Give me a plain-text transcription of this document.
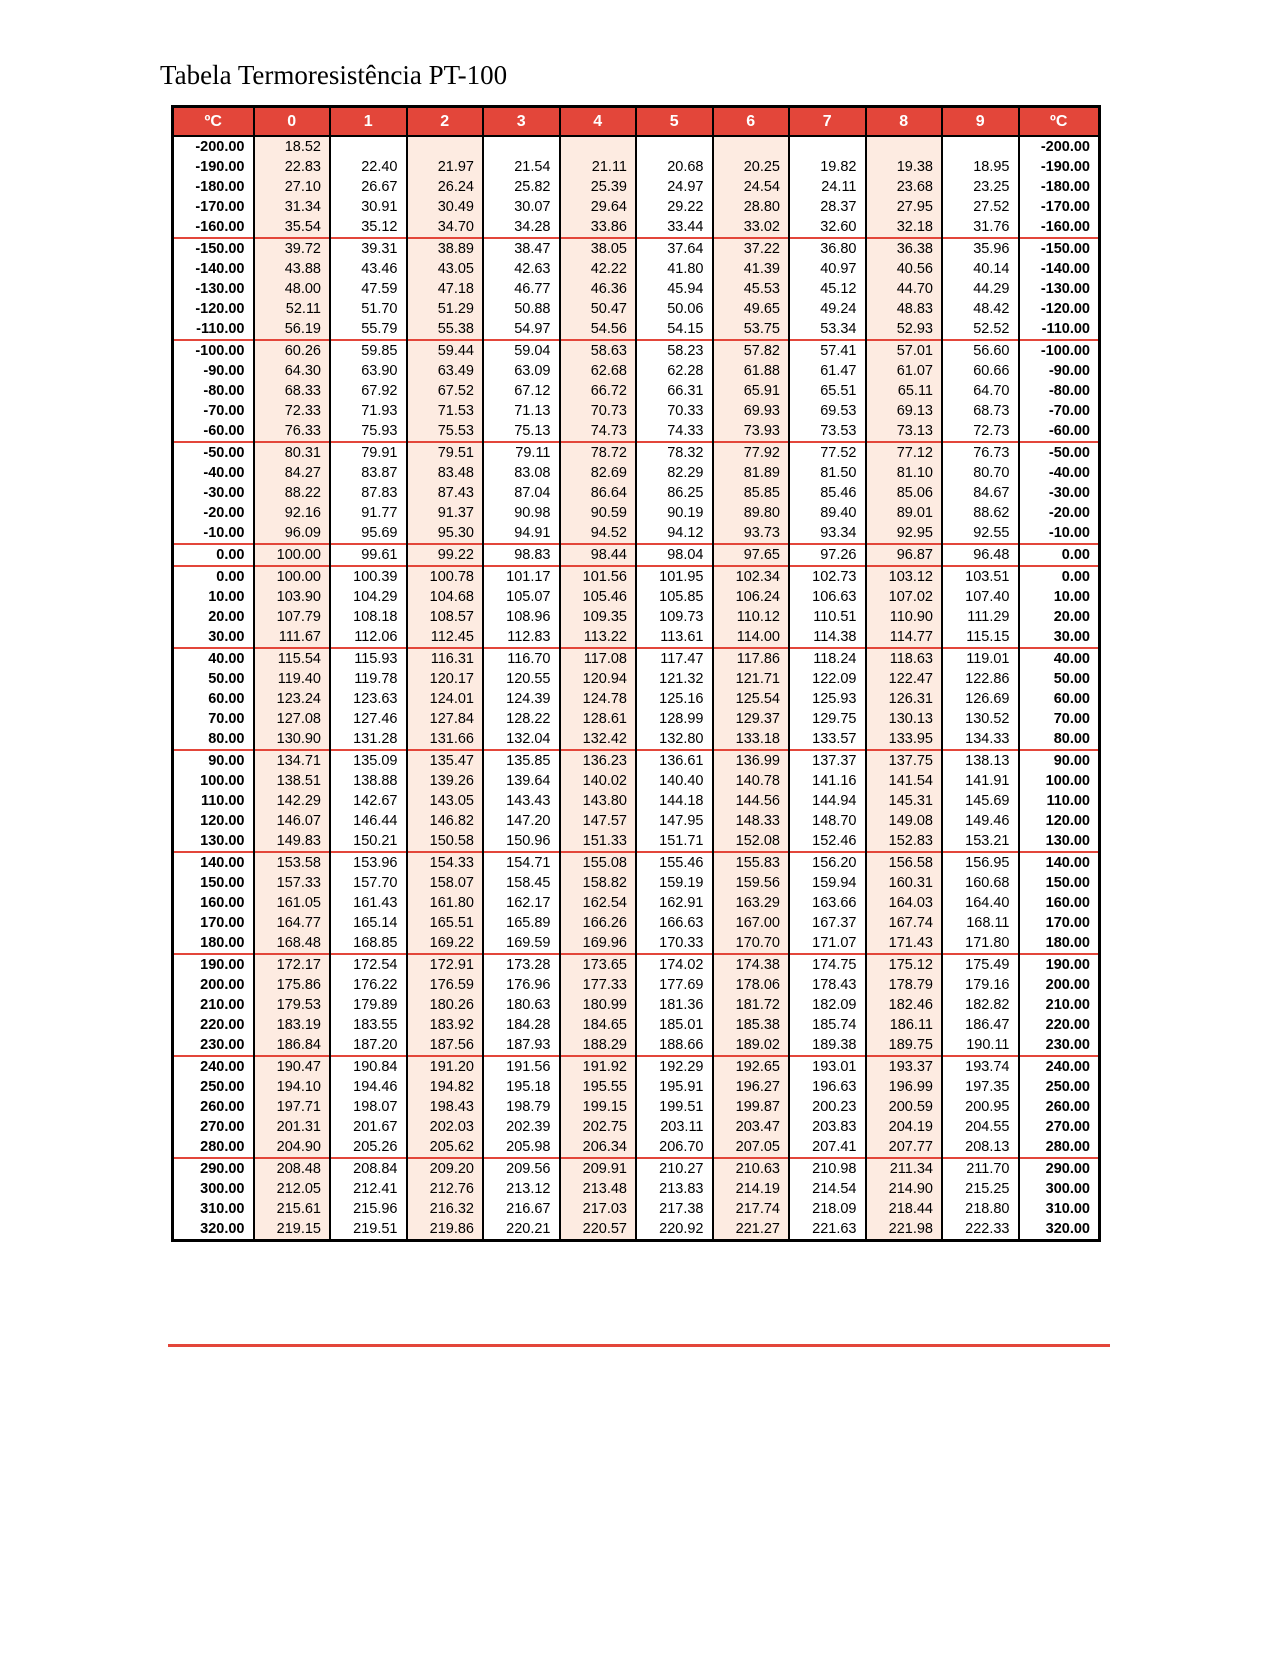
Tabela Termoresistência PT-100
ºC	0	1	2	3	4	5	6	7	8	9	ºC
-200.00	18.52										-200.00
-190.00	22.83	22.40	21.97	21.54	21.11	20.68	20.25	19.82	19.38	18.95	-190.00
-180.00	27.10	26.67	26.24	25.82	25.39	24.97	24.54	24.11	23.68	23.25	-180.00
-170.00	31.34	30.91	30.49	30.07	29.64	29.22	28.80	28.37	27.95	27.52	-170.00
-160.00	35.54	35.12	34.70	34.28	33.86	33.44	33.02	32.60	32.18	31.76	-160.00
-150.00	39.72	39.31	38.89	38.47	38.05	37.64	37.22	36.80	36.38	35.96	-150.00
-140.00	43.88	43.46	43.05	42.63	42.22	41.80	41.39	40.97	40.56	40.14	-140.00
-130.00	48.00	47.59	47.18	46.77	46.36	45.94	45.53	45.12	44.70	44.29	-130.00
-120.00	52.11	51.70	51.29	50.88	50.47	50.06	49.65	49.24	48.83	48.42	-120.00
-110.00	56.19	55.79	55.38	54.97	54.56	54.15	53.75	53.34	52.93	52.52	-110.00
-100.00	60.26	59.85	59.44	59.04	58.63	58.23	57.82	57.41	57.01	56.60	-100.00
-90.00	64.30	63.90	63.49	63.09	62.68	62.28	61.88	61.47	61.07	60.66	-90.00
-80.00	68.33	67.92	67.52	67.12	66.72	66.31	65.91	65.51	65.11	64.70	-80.00
-70.00	72.33	71.93	71.53	71.13	70.73	70.33	69.93	69.53	69.13	68.73	-70.00
-60.00	76.33	75.93	75.53	75.13	74.73	74.33	73.93	73.53	73.13	72.73	-60.00
-50.00	80.31	79.91	79.51	79.11	78.72	78.32	77.92	77.52	77.12	76.73	-50.00
-40.00	84.27	83.87	83.48	83.08	82.69	82.29	81.89	81.50	81.10	80.70	-40.00
-30.00	88.22	87.83	87.43	87.04	86.64	86.25	85.85	85.46	85.06	84.67	-30.00
-20.00	92.16	91.77	91.37	90.98	90.59	90.19	89.80	89.40	89.01	88.62	-20.00
-10.00	96.09	95.69	95.30	94.91	94.52	94.12	93.73	93.34	92.95	92.55	-10.00
0.00	100.00	99.61	99.22	98.83	98.44	98.04	97.65	97.26	96.87	96.48	0.00
0.00	100.00	100.39	100.78	101.17	101.56	101.95	102.34	102.73	103.12	103.51	0.00
10.00	103.90	104.29	104.68	105.07	105.46	105.85	106.24	106.63	107.02	107.40	10.00
20.00	107.79	108.18	108.57	108.96	109.35	109.73	110.12	110.51	110.90	111.29	20.00
30.00	111.67	112.06	112.45	112.83	113.22	113.61	114.00	114.38	114.77	115.15	30.00
40.00	115.54	115.93	116.31	116.70	117.08	117.47	117.86	118.24	118.63	119.01	40.00
50.00	119.40	119.78	120.17	120.55	120.94	121.32	121.71	122.09	122.47	122.86	50.00
60.00	123.24	123.63	124.01	124.39	124.78	125.16	125.54	125.93	126.31	126.69	60.00
70.00	127.08	127.46	127.84	128.22	128.61	128.99	129.37	129.75	130.13	130.52	70.00
80.00	130.90	131.28	131.66	132.04	132.42	132.80	133.18	133.57	133.95	134.33	80.00
90.00	134.71	135.09	135.47	135.85	136.23	136.61	136.99	137.37	137.75	138.13	90.00
100.00	138.51	138.88	139.26	139.64	140.02	140.40	140.78	141.16	141.54	141.91	100.00
110.00	142.29	142.67	143.05	143.43	143.80	144.18	144.56	144.94	145.31	145.69	110.00
120.00	146.07	146.44	146.82	147.20	147.57	147.95	148.33	148.70	149.08	149.46	120.00
130.00	149.83	150.21	150.58	150.96	151.33	151.71	152.08	152.46	152.83	153.21	130.00
140.00	153.58	153.96	154.33	154.71	155.08	155.46	155.83	156.20	156.58	156.95	140.00
150.00	157.33	157.70	158.07	158.45	158.82	159.19	159.56	159.94	160.31	160.68	150.00
160.00	161.05	161.43	161.80	162.17	162.54	162.91	163.29	163.66	164.03	164.40	160.00
170.00	164.77	165.14	165.51	165.89	166.26	166.63	167.00	167.37	167.74	168.11	170.00
180.00	168.48	168.85	169.22	169.59	169.96	170.33	170.70	171.07	171.43	171.80	180.00
190.00	172.17	172.54	172.91	173.28	173.65	174.02	174.38	174.75	175.12	175.49	190.00
200.00	175.86	176.22	176.59	176.96	177.33	177.69	178.06	178.43	178.79	179.16	200.00
210.00	179.53	179.89	180.26	180.63	180.99	181.36	181.72	182.09	182.46	182.82	210.00
220.00	183.19	183.55	183.92	184.28	184.65	185.01	185.38	185.74	186.11	186.47	220.00
230.00	186.84	187.20	187.56	187.93	188.29	188.66	189.02	189.38	189.75	190.11	230.00
240.00	190.47	190.84	191.20	191.56	191.92	192.29	192.65	193.01	193.37	193.74	240.00
250.00	194.10	194.46	194.82	195.18	195.55	195.91	196.27	196.63	196.99	197.35	250.00
260.00	197.71	198.07	198.43	198.79	199.15	199.51	199.87	200.23	200.59	200.95	260.00
270.00	201.31	201.67	202.03	202.39	202.75	203.11	203.47	203.83	204.19	204.55	270.00
280.00	204.90	205.26	205.62	205.98	206.34	206.70	207.05	207.41	207.77	208.13	280.00
290.00	208.48	208.84	209.20	209.56	209.91	210.27	210.63	210.98	211.34	211.70	290.00
300.00	212.05	212.41	212.76	213.12	213.48	213.83	214.19	214.54	214.90	215.25	300.00
310.00	215.61	215.96	216.32	216.67	217.03	217.38	217.74	218.09	218.44	218.80	310.00
320.00	219.15	219.51	219.86	220.21	220.57	220.92	221.27	221.63	221.98	222.33	320.00
